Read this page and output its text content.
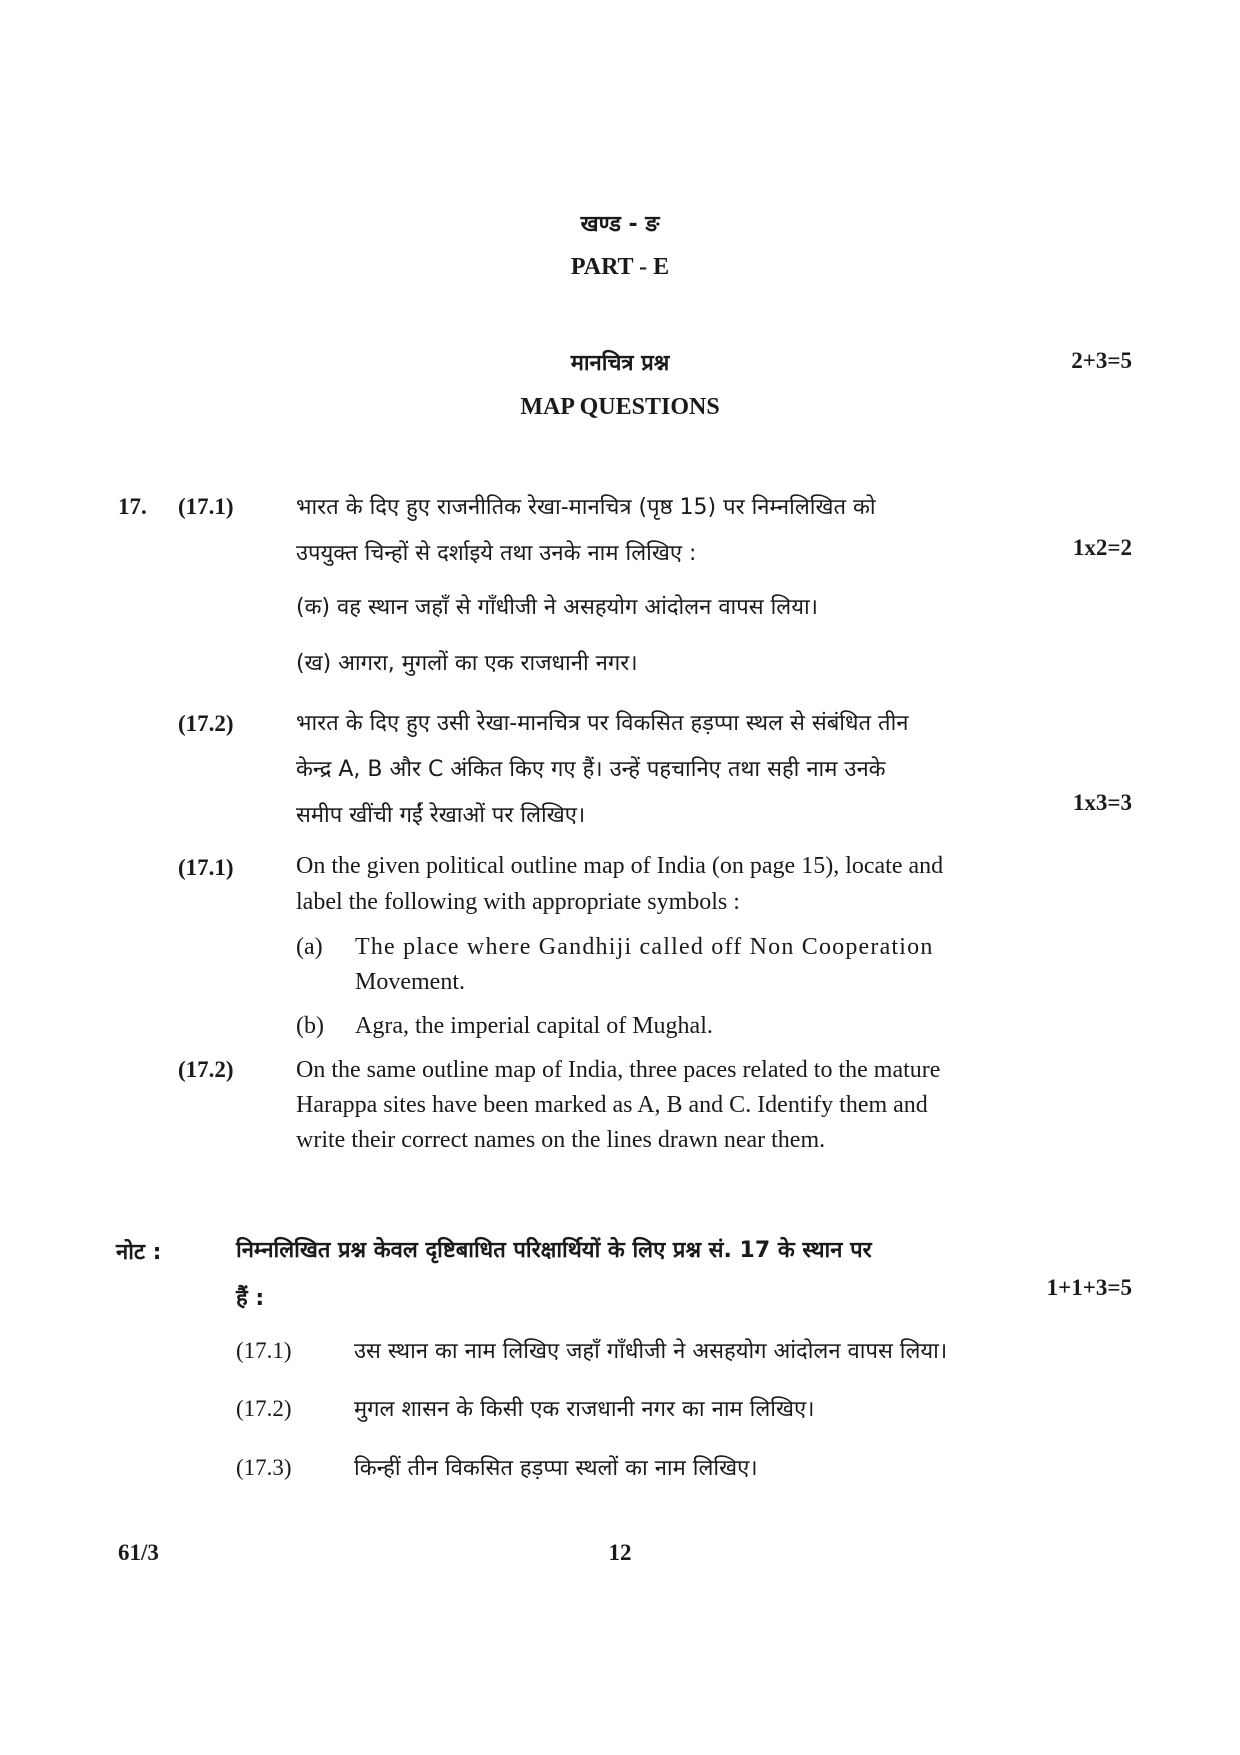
खण्ड - ङ
PART - E
मानचित्र प्रश्न	2+3=5
MAP QUESTIONS
17. (17.1)	भारत के दिए हुए राजनीतिक रेखा-मानचित्र (पृष्ठ 15) पर निम्नलिखित को
उपयुक्त चिन्हों से दर्शाइये तथा उनके नाम लिखिए :	1x2=2
(क) वह स्थान जहाँ से गाँधीजी ने असहयोग आंदोलन वापस लिया।
(ख) आगरा, मुगलों का एक राजधानी नगर।
(17.2)	भारत के दिए हुए उसी रेखा-मानचित्र पर विकसित हड़प्पा स्थल से संबंधित तीन
केन्द्र A, B और C अंकित किए गए हैं। उन्हें पहचानिए तथा सही नाम उनके
समीप खींची गईं रेखाओं पर लिखिए।
1x3=3
(17.1)	On the given political outline map of India (on page 15), locate and
label the following with appropriate symbols :
(a) The place where Gandhiji called off Non Cooperation
Movement.
(b) Agra, the imperial capital of Mughal.
(17.2)	On the same outline map of India, three paces related to the mature
Harappa sites have been marked as A, B and C. Identify them and
write their correct names on the lines drawn near them.
नोट :	निम्नलिखित प्रश्न केवल दृष्टिबाधित परिक्षार्थियों के लिए प्रश्न सं. 17 के स्थान पर
हैं :	1+1+3=5
(17.1)	उस स्थान का नाम लिखिए जहाँ गाँधीजी ने असहयोग आंदोलन वापस लिया।
(17.2)	मुगल शासन के किसी एक राजधानी नगर का नाम लिखिए।
(17.3)	किन्हीं तीन विकसित हड़प्पा स्थलों का नाम लिखिए।
61/3	12
